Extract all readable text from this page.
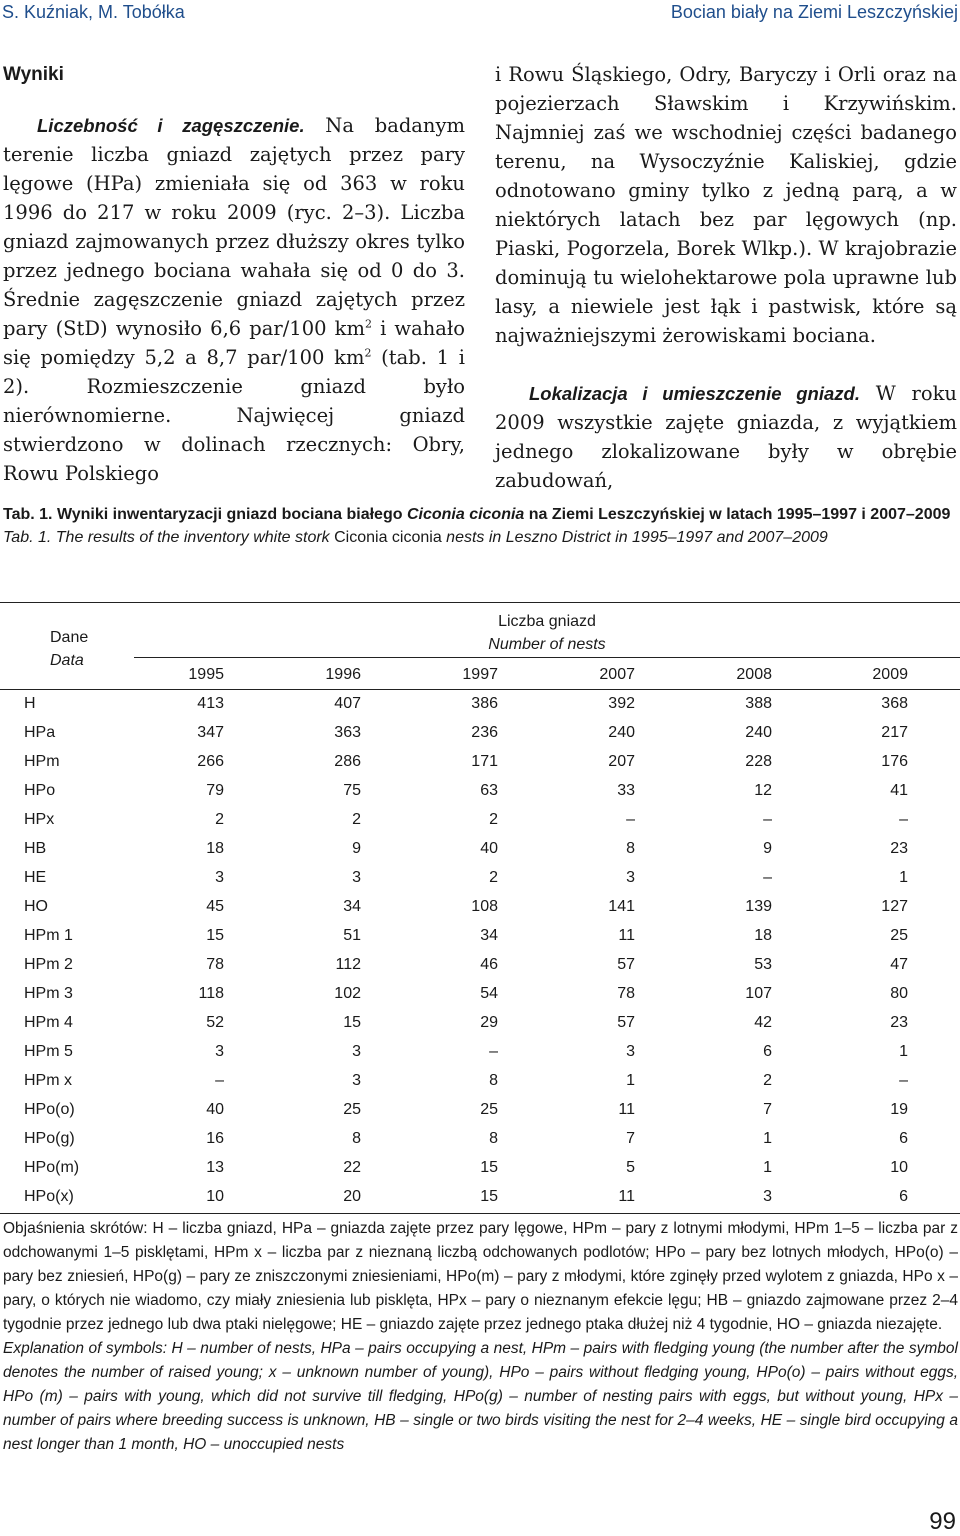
S. Kuźniak, M. Tobółka	Bocian biały na Ziemi Leszczyńskiej
Wyniki

Liczebność i zagęszczenie. Na badanym terenie liczba gniazd zajętych przez pary lęgowe (HPa) zmieniała się od 363 w roku 1996 do 217 w roku 2009 (ryc. 2–3). Liczba gniazd zajmowanych przez dłuższy okres tylko przez jednego bociana wahała się od 0 do 3. Średnie zagęszczenie gniazd zajętych przez pary (StD) wynosiło 6,6 par/100 $km^2$ i wahało się pomiędzy 5,2 a 8,7 par/100 $km^2$ (tab. 1 i 2). Rozmieszczenie gniazd było nierównomierne. Najwięcej gniazd stwierdzono w dolinach rzecznych: Obry, Rowu Polskiego

i Rowu Śląskiego, Odry, Baryczy i Orli oraz na pojezierzach Sławskim i Krzywińskim. Najmniej zaś we wschodniej części badanego terenu, na Wysoczyźnie Kaliskiej, gdzie odnotowano gminy tylko z jedną parą, a w niektórych latach bez par lęgowych (np. Piaski, Pogorzela, Borek Wlkp.). W krajobrazie dominują tu wielohektarowe pola uprawne lub lasy, a niewiele jest łąk i pastwisk, które są najważniejszymi żerowiskami bociana.

Lokalizacja i umieszczenie gniazd. W roku 2009 wszystkie zajęte gniazda, z wyjątkiem jednego zlokalizowane były w obrębie zabudowań,

Tab. 1. Wyniki inwentaryzacji gniazd bociana białego Ciconia ciconia na Ziemi Leszczyńskiej w latach 1995–1997 i 2007–2009
Tab. 1. The results of the inventory white stork Ciconia ciconia nests in Leszno District in 1995–1997 and 2007–2009
Dane
Data
Liczba gniazd
Number of nests
	1995	1996	1997	2007	2008	2009
H	413	407	386	392	388	368
HPa	347	363	236	240	240	217
HPm	266	286	171	207	228	176
HPo	79	75	63	33	12	41
HPx	2	2	2	–	–	–
HB	18	9	40	8	9	23
HE	3	3	2	3	–	1
HO	45	34	108	141	139	127
HPm 1	15	51	34	11	18	25
HPm 2	78	112	46	57	53	47
HPm 3	118	102	54	78	107	80
HPm 4	52	15	29	57	42	23
HPm 5	3	3	–	3	6	1
HPm x	–	3	8	1	2	–
HPo(o)	40	25	25	11	7	19
HPo(g)	16	8	8	7	1	6
HPo(m)	13	22	15	5	1	10
HPo(x)	10	20	15	11	3	6

Objaśnienia skrótów: H – liczba gniazd, HPa – gniazda zajęte przez pary lęgowe, HPm – pary z lotnymi młodymi, HPm 1–5 – liczba par z odchowanymi 1–5 pisklętami, HPm x – liczba par z nieznaną liczbą odchowanych podlotów; HPo – pary bez lotnych młodych, HPo(o) – pary bez zniesień, HPo(g) – pary ze zniszczonymi zniesieniami, HPo(m) – pary z młodymi, które zginęły przed wylotem z gniazda, HPo x – pary, o których nie wiadomo, czy miały zniesienia lub pisklęta, HPx – pary o nieznanym efekcie lęgu; HB – gniazdo zajmowane przez 2–4 tygodnie przez jednego lub dwa ptaki nielęgowe; HE – gniazdo zajęte przez jednego ptaka dłużej niż 4 tygodnie, HO – gniazda niezajęte.

Explanation of symbols: H – number of nests, HPa – pairs occupying a nest, HPm – pairs with fledging young (the number after the symbol denotes the number of raised young; x – unknown number of young), HPo – pairs without fledging young, HPo(o) – pairs without eggs, HPo (m) – pairs with young, which did not survive till fledging, HPo(g) – number of nesting pairs with eggs, but without young, HPx – number of pairs where breeding success is unknown, HB – single or two birds visiting the nest for 2–4 weeks, HE – single bird occupying a nest longer than 1 month, HO – unoccupied nests

99
